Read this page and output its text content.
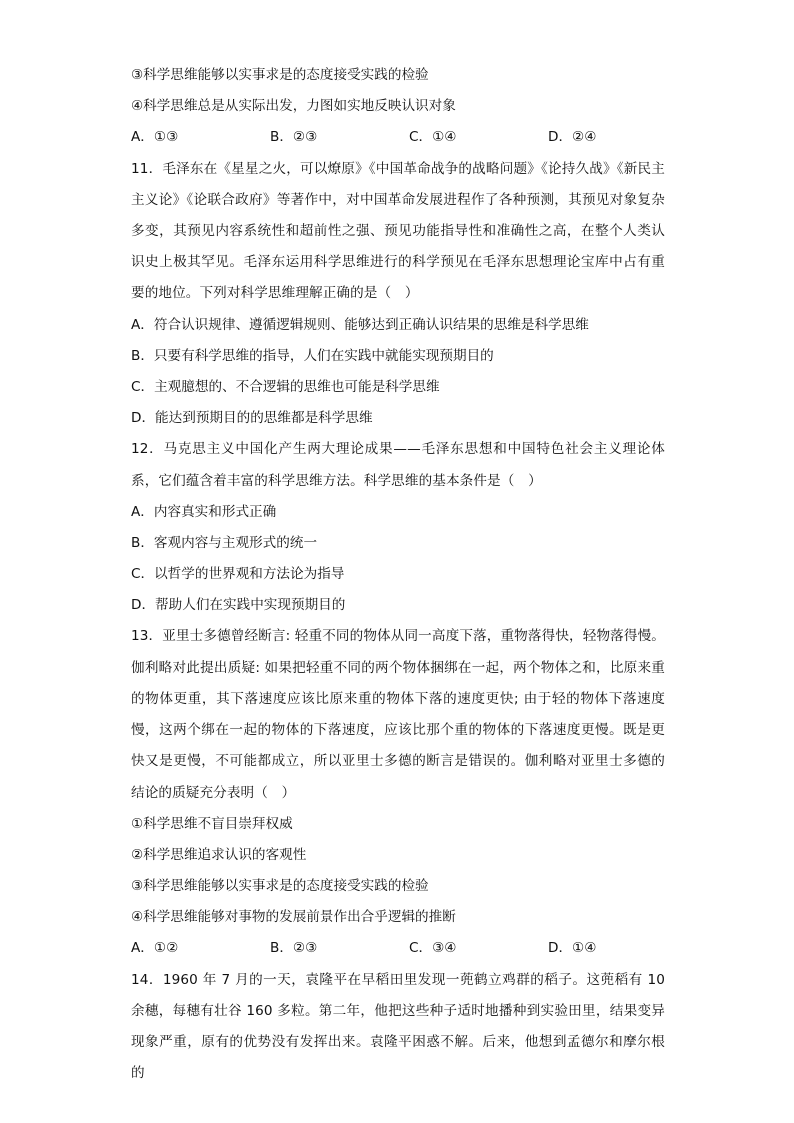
③科学思维能够以实事求是的态度接受实践的检验
④科学思维总是从实际出发，力图如实地反映认识对象
A．①③	B．②③	C．①④	D．②④
11．毛泽东在《星星之火，可以燎原》《中国革命战争的战略问题》《论持久战》《新民主主义论》《论联合政府》等著作中，对中国革命发展进程作了各种预测，其预见对象复杂多变，其预见内容系统性和超前性之强、预见功能指导性和准确性之高，在整个人类认识史上极其罕见。毛泽东运用科学思维进行的科学预见在毛泽东思想理论宝库中占有重要的地位。下列对科学思维理解正确的是（　）
A．符合认识规律、遵循逻辑规则、能够达到正确认识结果的思维是科学思维
B．只要有科学思维的指导，人们在实践中就能实现预期目的
C．主观臆想的、不合逻辑的思维也可能是科学思维
D．能达到预期目的的思维都是科学思维
12．马克思主义中国化产生两大理论成果——毛泽东思想和中国特色社会主义理论体系，它们蕴含着丰富的科学思维方法。科学思维的基本条件是（　）
A．内容真实和形式正确
B．客观内容与主观形式的统一
C．以哲学的世界观和方法论为指导
D．帮助人们在实践中实现预期目的
13．亚里士多德曾经断言: 轻重不同的物体从同一高度下落，重物落得快，轻物落得慢。伽利略对此提出质疑: 如果把轻重不同的两个物体捆绑在一起，两个物体之和，比原来重的物体更重，其下落速度应该比原来重的物体下落的速度更快; 由于轻的物体下落速度慢，这两个绑在一起的物体的下落速度，应该比那个重的物体的下落速度更慢。既是更快又是更慢，不可能都成立，所以亚里士多德的断言是错误的。伽利略对亚里士多德的结论的质疑充分表明（　）
①科学思维不盲目崇拜权威
②科学思维追求认识的客观性
③科学思维能够以实事求是的态度接受实践的检验
④科学思维能够对事物的发展前景作出合乎逻辑的推断
A．①②	B．②③	C．③④	D．①④
14．1960 年 7 月的一天，袁隆平在早稻田里发现一蔸鹤立鸡群的稻子。这蔸稻有 10 余穗，每穗有壮谷 160 多粒。第二年，他把这些种子适时地播种到实验田里，结果变异现象严重，原有的优势没有发挥出来。袁隆平困惑不解。后来，他想到孟德尔和摩尔根的
